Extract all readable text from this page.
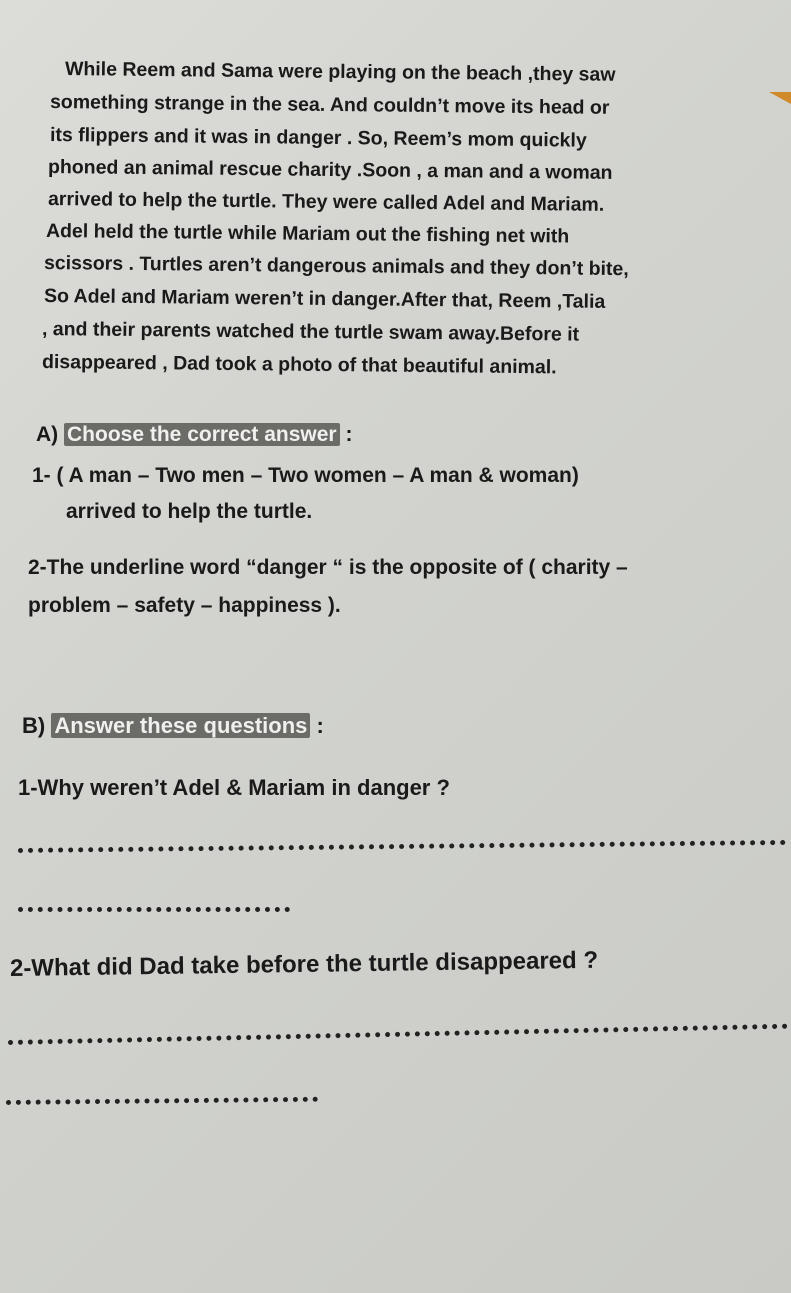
While Reem and Sama were playing on the beach ,they saw
something strange in the sea. And couldn’t move its head or
its flippers and it was in danger . So, Reem’s mom quickly
phoned an animal rescue charity .Soon , a man and a woman
arrived to help the turtle. They were called Adel and Mariam.
Adel held the turtle while Mariam out the fishing net with
scissors . Turtles aren’t dangerous animals and they don’t bite,
So Adel and Mariam weren’t in danger.After that, Reem ,Talia
, and their parents watched the turtle swam away.Before it
disappeared , Dad took a photo of that beautiful animal.
A) Choose the correct answer :
1- ( A man – Two men – Two women – A man & woman)
arrived to help the turtle.
2-The underline word “danger “ is the opposite of ( charity –
problem – safety – happiness ).
B) Answer these questions :
1-Why weren’t Adel & Mariam in danger ?
2-What did Dad take before the turtle disappeared ?
